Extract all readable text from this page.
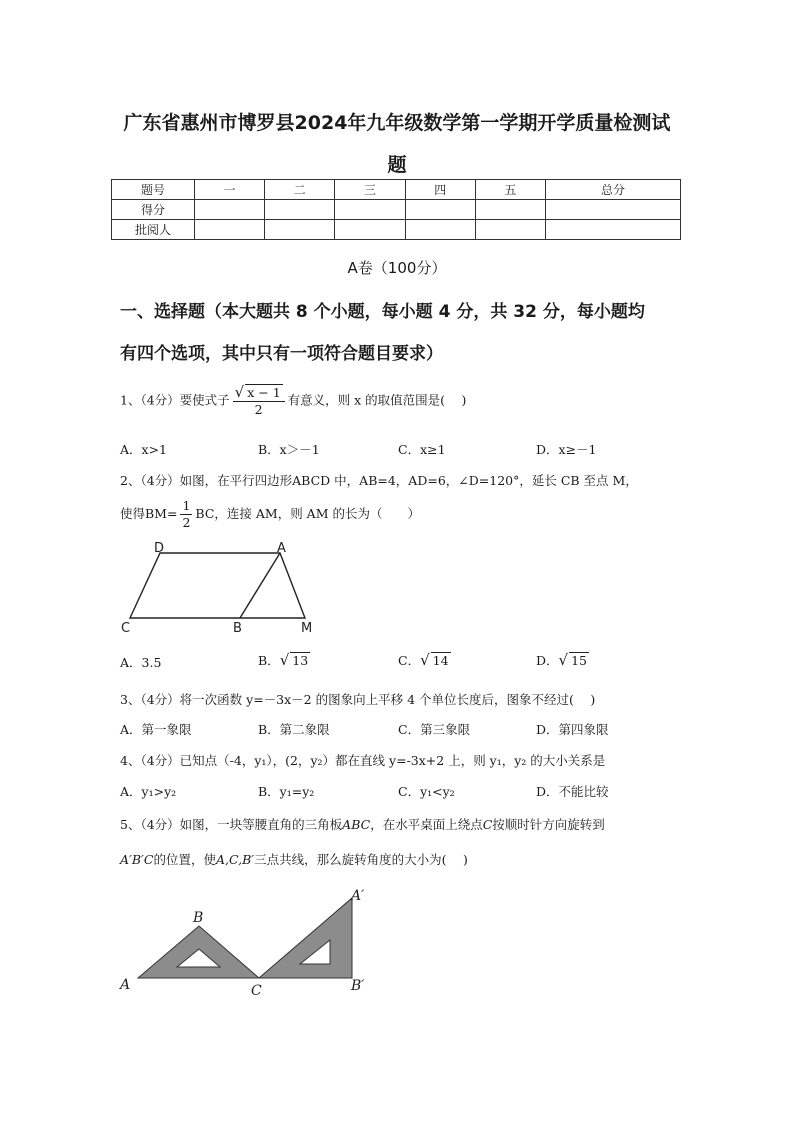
广东省惠州市博罗县2024年九年级数学第一学期开学质量检测试
题
题号	一	二	三	四	五	总分
得分						
批阅人						
A卷（100分）
一、选择题（本大题共 8 个小题，每小题 4 分，共 32 分，每小题均
有四个选项，其中只有一项符合题目要求）
1、（4分）要使式子 $\frac{√ x - 1}{2}$ 有意义，则 x 的取值范围是(　 )
A．x>1	B．x＞－1	C．x≥1	D．x≥－1
2、（4分）如图，在平行四边形ABCD 中，AB=4，AD=6，∠D=120°，延长 CB 至点 M，
使得$BM= \frac{1}{2}$ BC，连接 AM，则 AM 的长为（　　）
D	A
C	B	M
A．3.5	B．√ 13	C．√ 14	D．√ 15
3、（4分）将一次函数 y=－3x－2 的图象向上平移 4 个单位长度后，图象不经过(　 )
A．第一象限	B．第二象限	C．第三象限	D．第四象限
4、（4分）已知点（-4，y₁），(2，y₂）都在直线 y=-3x+2 上，则 y₁，y₂ 的大小关系是
A．y₁>y₂	B．y₁=y₂	C．y₁<y₂	D．不能比较
5、（4分）如图，一块等腰直角的三角板ABC，在水平桌面上绕点C按顺时针方向旋转到
A′B′C的位置，使A,C,B′三点共线，那么旋转角度的大小为(　 )
B
A	C
A′
B′
